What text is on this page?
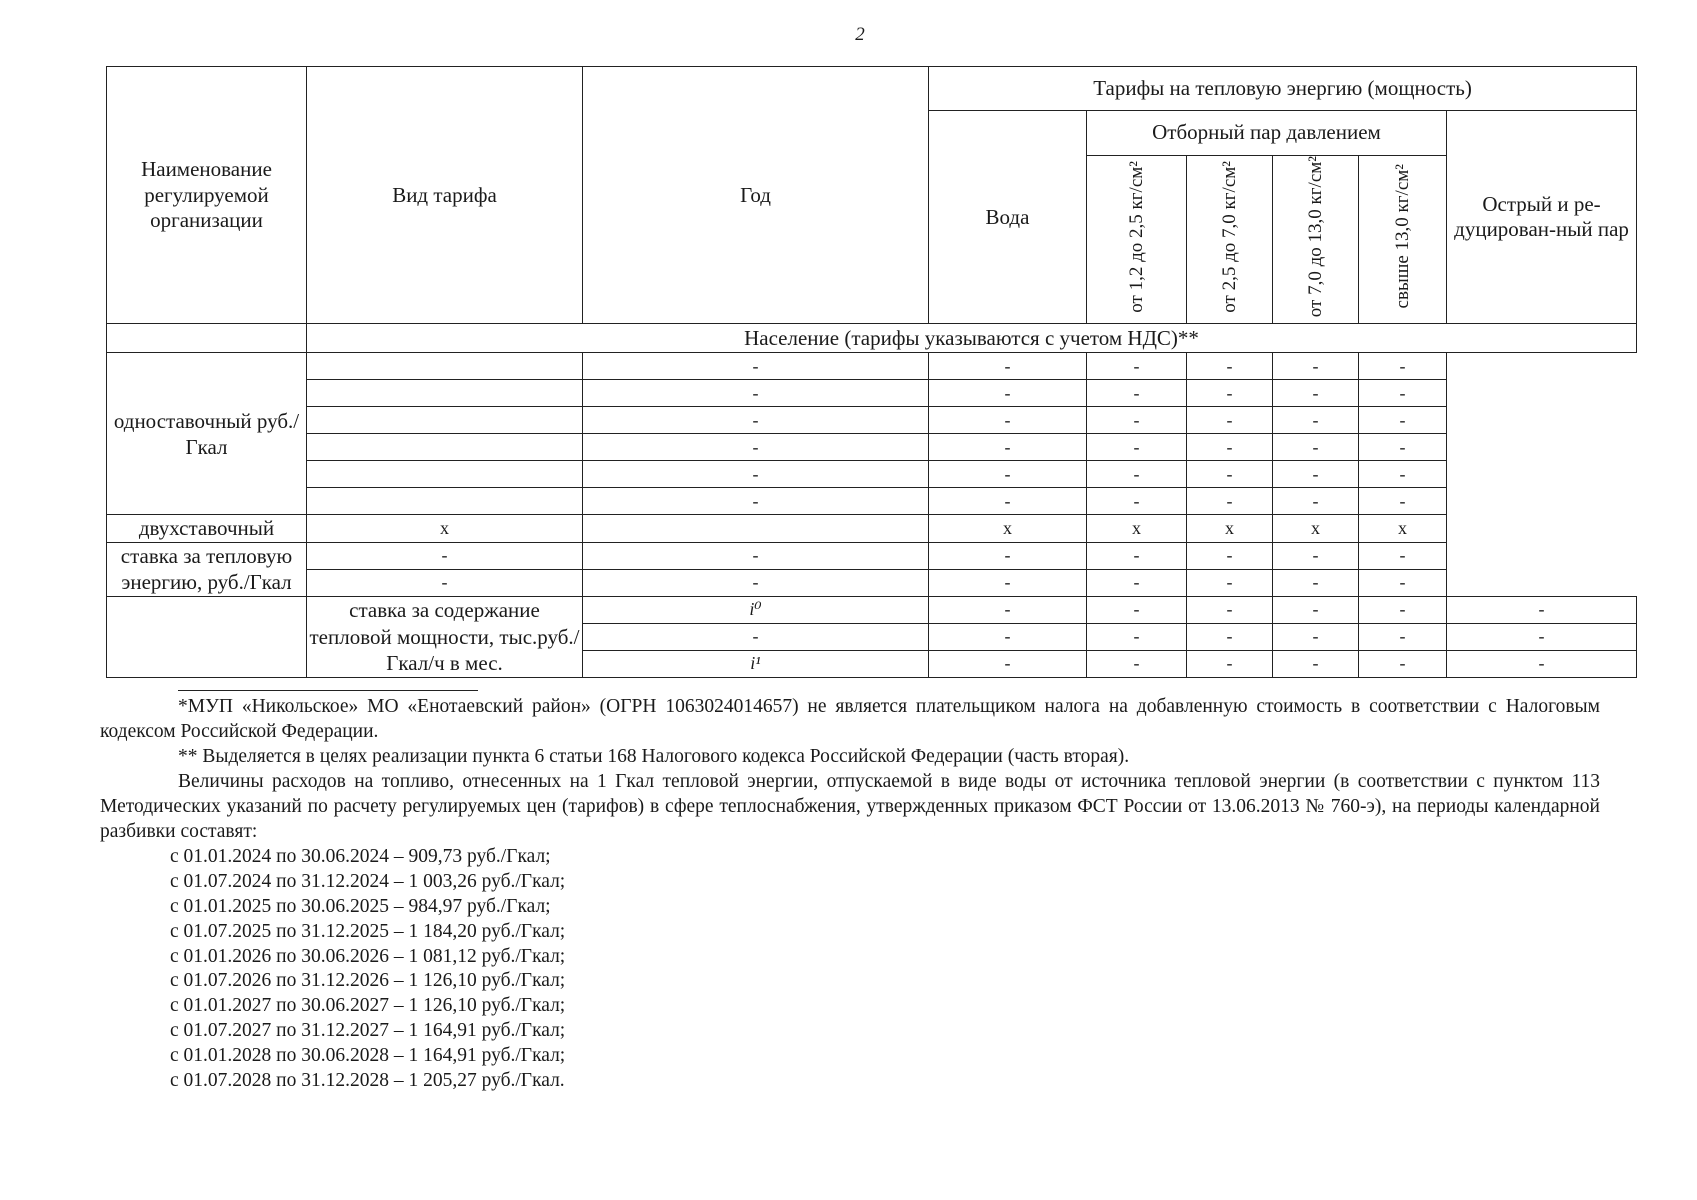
2
Наименование регулируемой организации	Вид тарифа	Год	Тарифы на тепловую энергию (мощность)					
			Вода	Отборный пар давлением				Острый и ре-дуцирован-ный пар
				от 1,2 до 2,5 кг/см²	от 2,5 до 7,0 кг/см²	от 7,0 до 13,0 кг/см²	свыше 13,0 кг/см²	
	Население (тарифы указываются с учетом НДС)**							
одноставочный руб./Гкал		-	-	-	-	-	-	
		-	-	-	-	-	-	
		-	-	-	-	-	-	
		-	-	-	-	-	-	
		-	-	-	-	-	-	
		-	-	-	-	-	-	
двухставочный	x		x	x	x	x	x	
ставка за тепловую энергию, руб./Гкал	-	-	-	-	-	-	-	
	-	-	-	-	-	-	-	
	ставка за содержание тепловой мощности, тыс.руб./Гкал/ч в мес.	i⁰	-	-	-	-	-	-
		-	-	-	-	-	-	-
		i¹	-	-	-	-	-	-

*МУП «Никольское» МО «Енотаевский район» (ОГРН 1063024014657) не является плательщиком налога на добавленную стоимость в соответствии с Налоговым кодексом Российской Федерации.

** Выделяется в целях реализации пункта 6 статьи 168 Налогового кодекса Российской Федерации (часть вторая).

Величины расходов на топливо, отнесенных на 1 Гкал тепловой энергии, отпускаемой в виде воды от источника тепловой энергии (в соответствии с пунктом 113 Методических указаний по расчету регулируемых цен (тарифов) в сфере теплоснабжения, утвержденных приказом ФСТ России от 13.06.2013 № 760-э), на периоды календарной разбивки составят:

с 01.01.2024 по 30.06.2024 – 909,73 руб./Гкал;
с 01.07.2024 по 31.12.2024 – 1 003,26 руб./Гкал;
с 01.01.2025 по 30.06.2025 – 984,97 руб./Гкал;
с 01.07.2025 по 31.12.2025 – 1 184,20 руб./Гкал;
с 01.01.2026 по 30.06.2026 – 1 081,12 руб./Гкал;
с 01.07.2026 по 31.12.2026 – 1 126,10 руб./Гкал;
с 01.01.2027 по 30.06.2027 – 1 126,10 руб./Гкал;
с 01.07.2027 по 31.12.2027 – 1 164,91 руб./Гкал;
с 01.01.2028 по 30.06.2028 – 1 164,91 руб./Гкал;
с 01.07.2028 по 31.12.2028 – 1 205,27 руб./Гкал.
